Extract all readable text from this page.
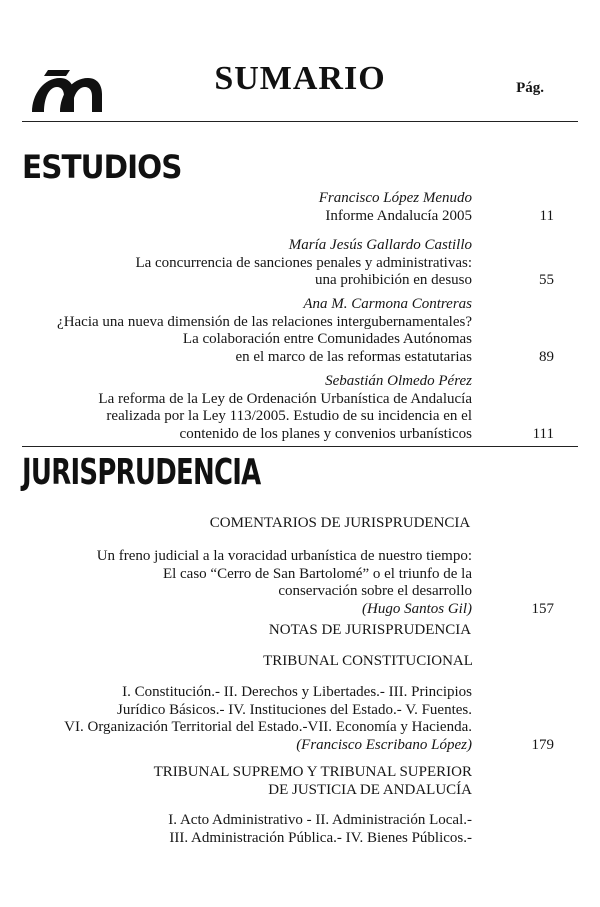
SUMARIO	Pág.
ESTUDIOS
Francisco López Menudo
Informe Andalucía 2005	11
María Jesús Gallardo Castillo
La concurrencia de sanciones penales y administrativas:
una prohibición en desuso	55
Ana M. Carmona Contreras
¿Hacia una nueva dimensión de las relaciones intergubernamentales?
La colaboración entre Comunidades Autónomas
en el marco de las reformas estatutarias	89
Sebastián Olmedo Pérez
La reforma de la Ley de Ordenación Urbanística de Andalucía
realizada por la Ley 113/2005. Estudio de su incidencia en el
contenido de los planes y convenios urbanísticos	111
JURISPRUDENCIA
COMENTARIOS DE JURISPRUDENCIA
Un freno judicial a la voracidad urbanística de nuestro tiempo:
El caso “Cerro de San Bartolomé” o el triunfo de la
conservación sobre el desarrollo
(Hugo Santos Gil)	157
NOTAS DE JURISPRUDENCIA
TRIBUNAL CONSTITUCIONAL
I. Constitución.- II. Derechos y Libertades.- III. Principios
Jurídico Básicos.- IV. Instituciones del Estado.- V. Fuentes.
VI. Organización Territorial del Estado.-VII. Economía y Hacienda.
(Francisco Escribano López)	179
TRIBUNAL SUPREMO Y TRIBUNAL SUPERIOR
DE JUSTICIA DE ANDALUCÍA
I. Acto Administrativo - II. Administración Local.-
III. Administración Pública.- IV. Bienes Públicos.-
